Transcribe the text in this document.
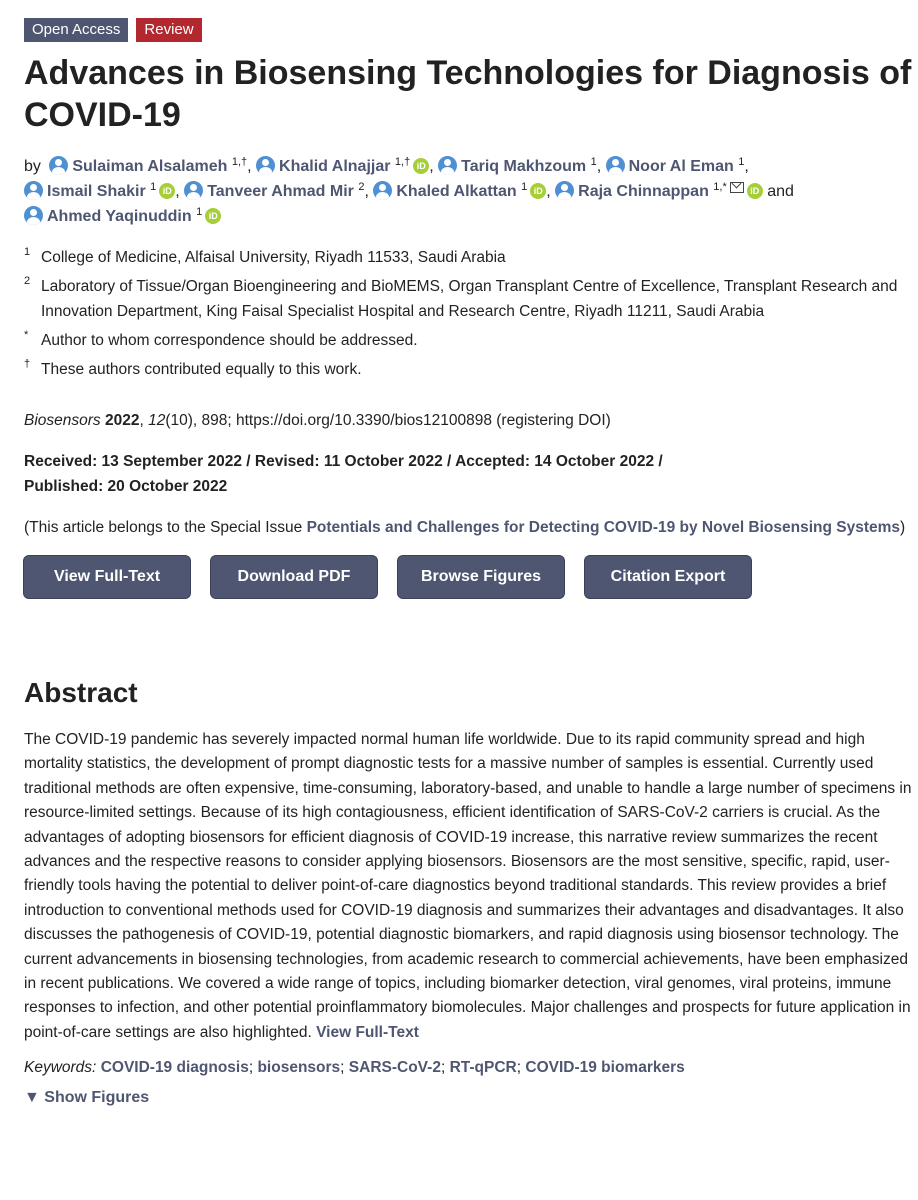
Open Access	Review
Advances in Biosensing Technologies for Diagnosis of COVID-19
by Sulaiman Alsalameh $^{1,\dagger}$, Khalid Alnajjar $^{1,\dagger}$ iD , Tariq Makhzoum $^1$, Noor Al Eman $^1$,
Ismail Shakir $^1$ iD , Tanveer Ahmad Mir $^2$, Khaled Alkattan $^1$ iD , Raja Chinnappan $^{1,*}$	iD and
Ahmed Yaqinuddin $^1$ iD
1 College of Medicine, Alfaisal University, Riyadh 11533, Saudi Arabia
2 Laboratory of Tissue/Organ Bioengineering and BioMEMS, Organ Transplant Centre of Excellence, Transplant Research and Innovation Department, King Faisal Specialist Hospital and Research Centre, Riyadh 11211, Saudi Arabia
* Author to whom correspondence should be addressed.
† These authors contributed equally to this work.
Biosensors 2022, 12(10), 898; https://doi.org/10.3390/bios12100898 (registering DOI)
Received: 13 September 2022 / Revised: 11 October 2022 / Accepted: 14 October 2022 /
Published: 20 October 2022
(This article belongs to the Special Issue Potentials and Challenges for Detecting COVID-19 by Novel Biosensing Systems)
View Full-Text	Download PDF	Browse Figures	Citation Export
Abstract
The COVID-19 pandemic has severely impacted normal human life worldwide. Due to its rapid community spread and high mortality statistics, the development of prompt diagnostic tests for a massive number of samples is essential. Currently used traditional methods are often expensive, time-consuming, laboratory-based, and unable to handle a large number of specimens in resource-limited settings. Because of its high contagiousness, efficient identification of SARS-CoV-2 carriers is crucial. As the advantages of adopting biosensors for efficient diagnosis of COVID-19 increase, this narrative review summarizes the recent advances and the respective reasons to consider applying biosensors. Biosensors are the most sensitive, specific, rapid, user-friendly tools having the potential to deliver point-of-care diagnostics beyond traditional standards. This review provides a brief introduction to conventional methods used for COVID-19 diagnosis and summarizes their advantages and disadvantages. It also discusses the pathogenesis of COVID-19, potential diagnostic biomarkers, and rapid diagnosis using biosensor technology. The current advancements in biosensing technologies, from academic research to commercial achievements, have been emphasized in recent publications. We covered a wide range of topics, including biomarker detection, viral genomes, viral proteins, immune responses to infection, and other potential proinflammatory biomolecules. Major challenges and prospects for future application in point-of-care settings are also highlighted. View Full-Text
Keywords: COVID-19 diagnosis; biosensors; SARS-CoV-2; RT-qPCR; COVID-19 biomarkers
▼ Show Figures
